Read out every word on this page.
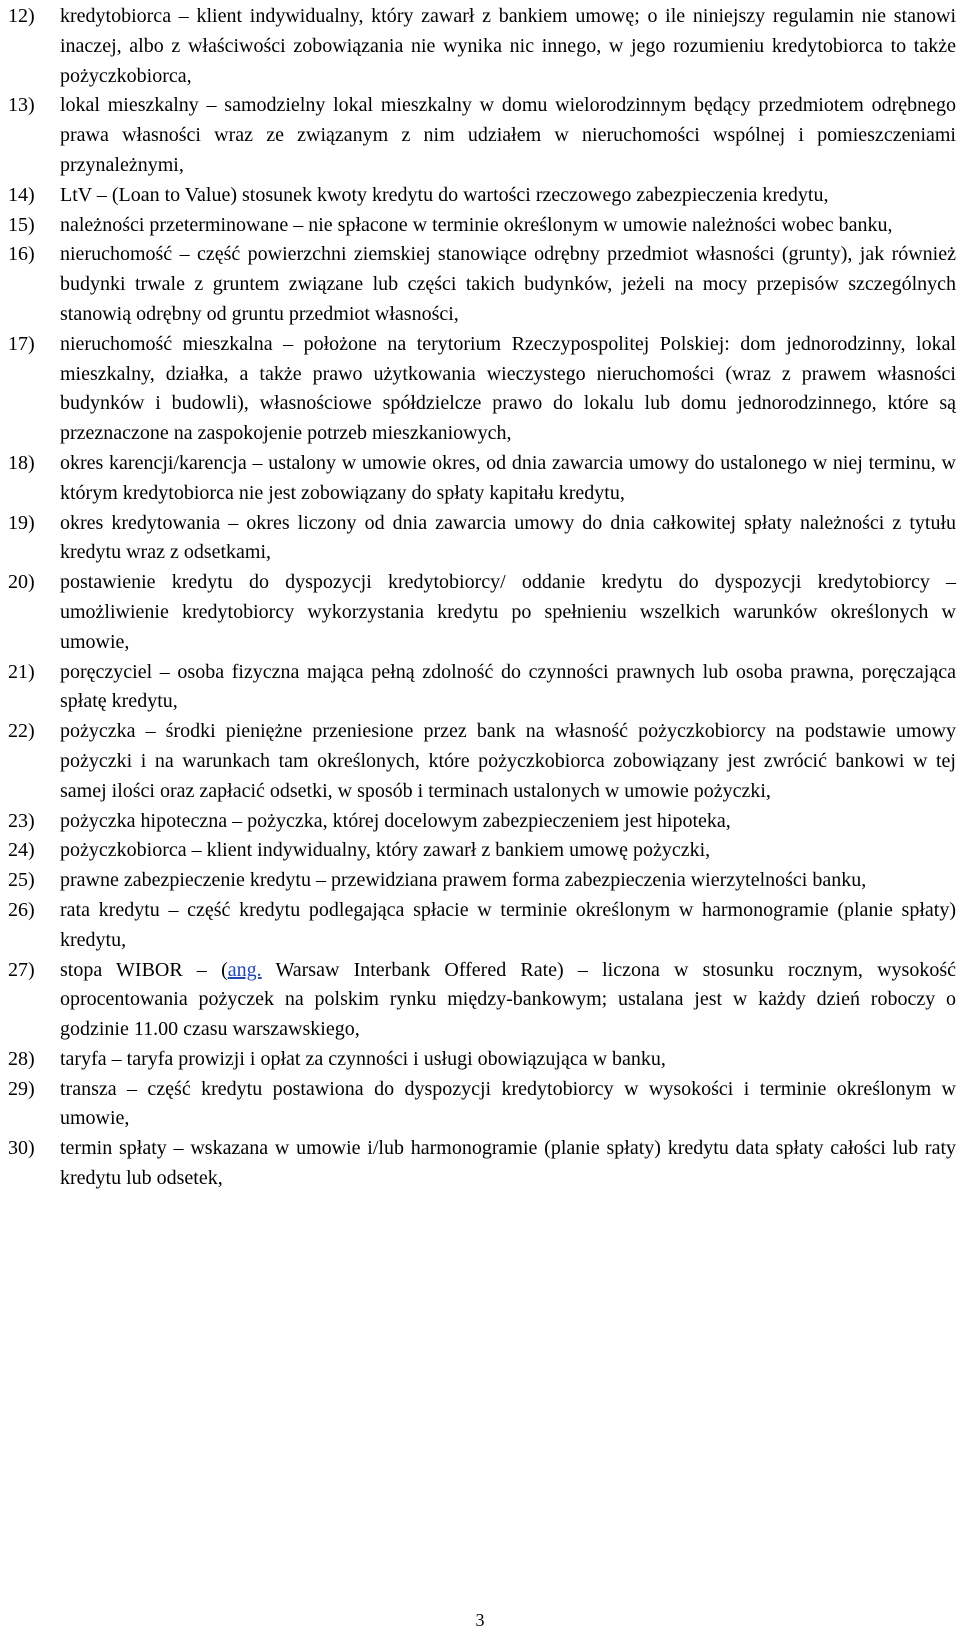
12)	kredytobiorca – klient indywidualny, który zawarł z bankiem umowę; o ile niniejszy regulamin nie stanowi inaczej, albo z właściwości zobowiązania nie wynika nic innego, w jego rozumieniu kredytobiorca to także pożyczkobiorca,
13)	lokal mieszkalny – samodzielny lokal mieszkalny w domu wielorodzinnym będący przedmiotem odrębnego prawa własności wraz ze związanym z nim udziałem w nieruchomości wspólnej i pomieszczeniami przynależnymi,
14)	LtV – (Loan to Value) stosunek kwoty kredytu do wartości rzeczowego zabezpieczenia kredytu,
15)	należności przeterminowane – nie spłacone w terminie określonym w umowie należności wobec banku,
16)	nieruchomość – część powierzchni ziemskiej stanowiące odrębny przedmiot własności (grunty), jak również budynki trwale z gruntem związane lub części takich budynków, jeżeli na mocy przepisów szczególnych stanowią odrębny od gruntu przedmiot własności,
17)	nieruchomość mieszkalna – położone na terytorium Rzeczypospolitej Polskiej: dom jednorodzinny, lokal mieszkalny, działka, a także prawo użytkowania wieczystego nieruchomości (wraz z prawem własności budynków i budowli), własnościowe spółdzielcze prawo do lokalu lub domu jednorodzinnego, które są przeznaczone na zaspokojenie potrzeb mieszkaniowych,
18)	okres karencji/karencja – ustalony w umowie okres, od dnia zawarcia umowy do ustalonego w niej terminu, w którym kredytobiorca nie jest zobowiązany do spłaty kapitału kredytu,
19)	okres kredytowania – okres liczony od dnia zawarcia umowy do dnia całkowitej spłaty należności z tytułu kredytu wraz z odsetkami,
20)	postawienie kredytu do dyspozycji kredytobiorcy/ oddanie kredytu do dyspozycji kredytobiorcy – umożliwienie kredytobiorcy wykorzystania kredytu po spełnieniu wszelkich warunków określonych w umowie,
21)	poręczyciel – osoba fizyczna mająca pełną zdolność do czynności prawnych lub osoba prawna, poręczająca spłatę kredytu,
22)	pożyczka – środki pieniężne przeniesione przez bank na własność pożyczkobiorcy na podstawie umowy pożyczki i na warunkach tam określonych, które pożyczkobiorca zobowiązany jest zwrócić bankowi w tej samej ilości oraz zapłacić odsetki, w sposób i terminach ustalonych w umowie pożyczki,
23)	pożyczka hipoteczna – pożyczka, której docelowym zabezpieczeniem jest hipoteka,
24)	pożyczkobiorca – klient indywidualny, który zawarł z bankiem umowę pożyczki,
25)	prawne zabezpieczenie kredytu – przewidziana prawem forma zabezpieczenia wierzytelności banku,
26)	rata kredytu – część kredytu podlegająca spłacie w terminie określonym w harmonogramie (planie spłaty) kredytu,
27)	stopa WIBOR – (ang. Warsaw Interbank Offered Rate) – liczona w stosunku rocznym, wysokość oprocentowania pożyczek na polskim rynku między-bankowym; ustalana jest w każdy dzień roboczy o godzinie 11.00 czasu warszawskiego,
28)	taryfa – taryfa prowizji i opłat za czynności i usługi obowiązująca w banku,
29)	transza – część kredytu postawiona do dyspozycji kredytobiorcy w wysokości i terminie określonym w umowie,
30)	termin spłaty – wskazana w umowie i/lub harmonogramie (planie spłaty) kredytu data spłaty całości lub raty kredytu lub odsetek,
3
